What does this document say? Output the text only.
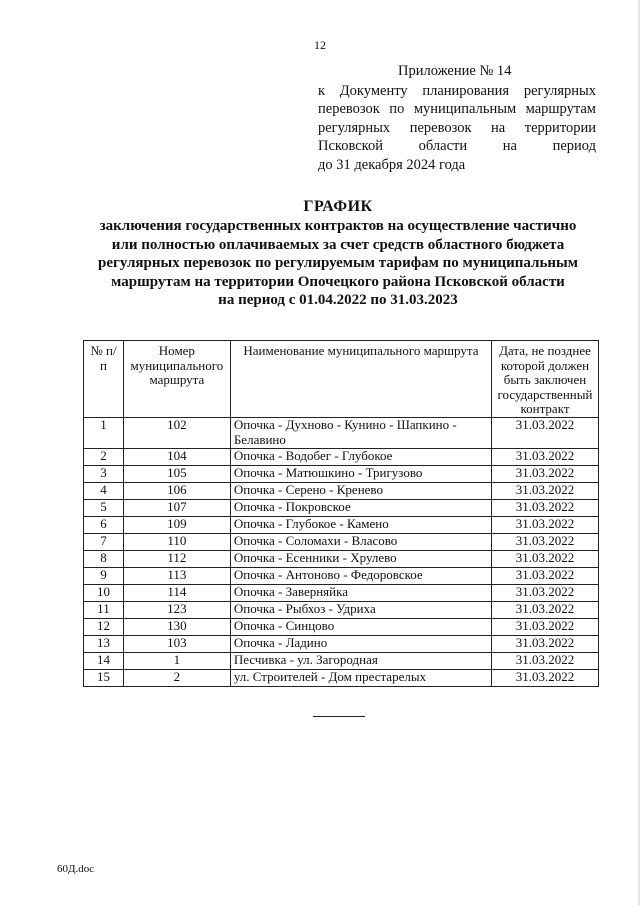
12
Приложение № 14
к Документу планирования регулярных
перевозок по муниципальным маршрутам
регулярных перевозок на территории
Псковской области на период
до 31 декабря 2024 года
ГРАФИК
заключения государственных контрактов на осуществление частично
или полностью оплачиваемых за счет средств областного бюджета
регулярных перевозок по регулируемым тарифам по муниципальным
маршрутам на территории Опочецкого района Псковской области
на период с 01.04.2022 по 31.03.2023
№ п/п	Номер муниципального маршрута	Наименование муниципального маршрута	Дата, не позднее которой должен быть заключен государственный контракт
1	102	Опочка - Духново - Кунино - Шапкино - Белавино	31.03.2022
2	104	Опочка - Водобег - Глубокое	31.03.2022
3	105	Опочка - Матюшкино - Тригузово	31.03.2022
4	106	Опочка - Серено - Кренево	31.03.2022
5	107	Опочка - Покровское	31.03.2022
6	109	Опочка - Глубокое - Камено	31.03.2022
7	110	Опочка - Соломахи - Власово	31.03.2022
8	112	Опочка - Есенники - Хрулево	31.03.2022
9	113	Опочка - Антоново - Федоровское	31.03.2022
10	114	Опочка - Заверняйка	31.03.2022
11	123	Опочка - Рыбхоз - Удриха	31.03.2022
12	130	Опочка - Синцово	31.03.2022
13	103	Опочка - Ладино	31.03.2022
14	1	Песчивка - ул. Загородная	31.03.2022
15	2	ул. Строителей - Дом престарелых	31.03.2022
60Д.doc
